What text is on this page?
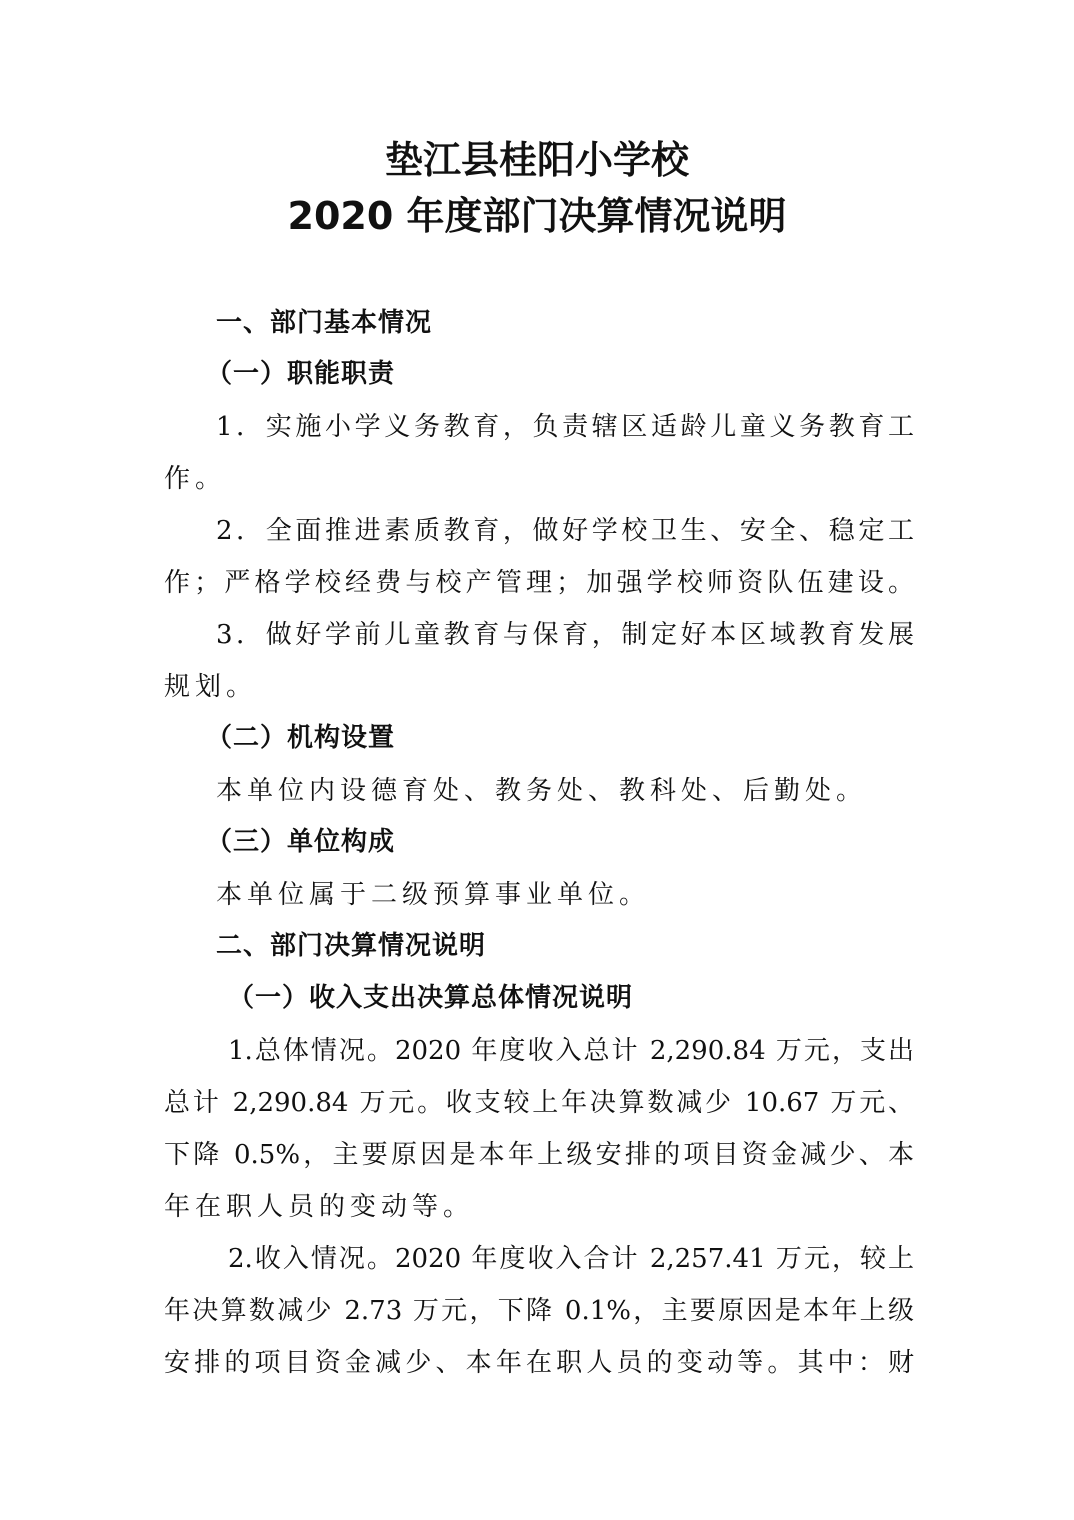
垫江县桂阳小学校
2020 年度部门决算情况说明
一、部门基本情况
（一）职能职责
1．实施小学义务教育，负责辖区适龄儿童义务教育工
作。
2．全面推进素质教育，做好学校卫生、安全、稳定工
作；严格学校经费与校产管理；加强学校师资队伍建设。
3．做好学前儿童教育与保育，制定好本区域教育发展
规划。
（二）机构设置
本单位内设德育处、教务处、教科处、后勤处。
（三）单位构成
本单位属于二级预算事业单位。
二、部门决算情况说明
（一）收入支出决算总体情况说明
1.总体情况。2020 年度收入总计 2,290.84 万元，支出
总计 2,290.84 万元。收支较上年决算数减少 10.67 万元、
下降 0.5%，主要原因是本年上级安排的项目资金减少、本
年在职人员的变动等。
2.收入情况。2020 年度收入合计 2,257.41 万元，较上
年决算数减少 2.73 万元，下降 0.1%，主要原因是本年上级
安排的项目资金减少、本年在职人员的变动等。其中：财
